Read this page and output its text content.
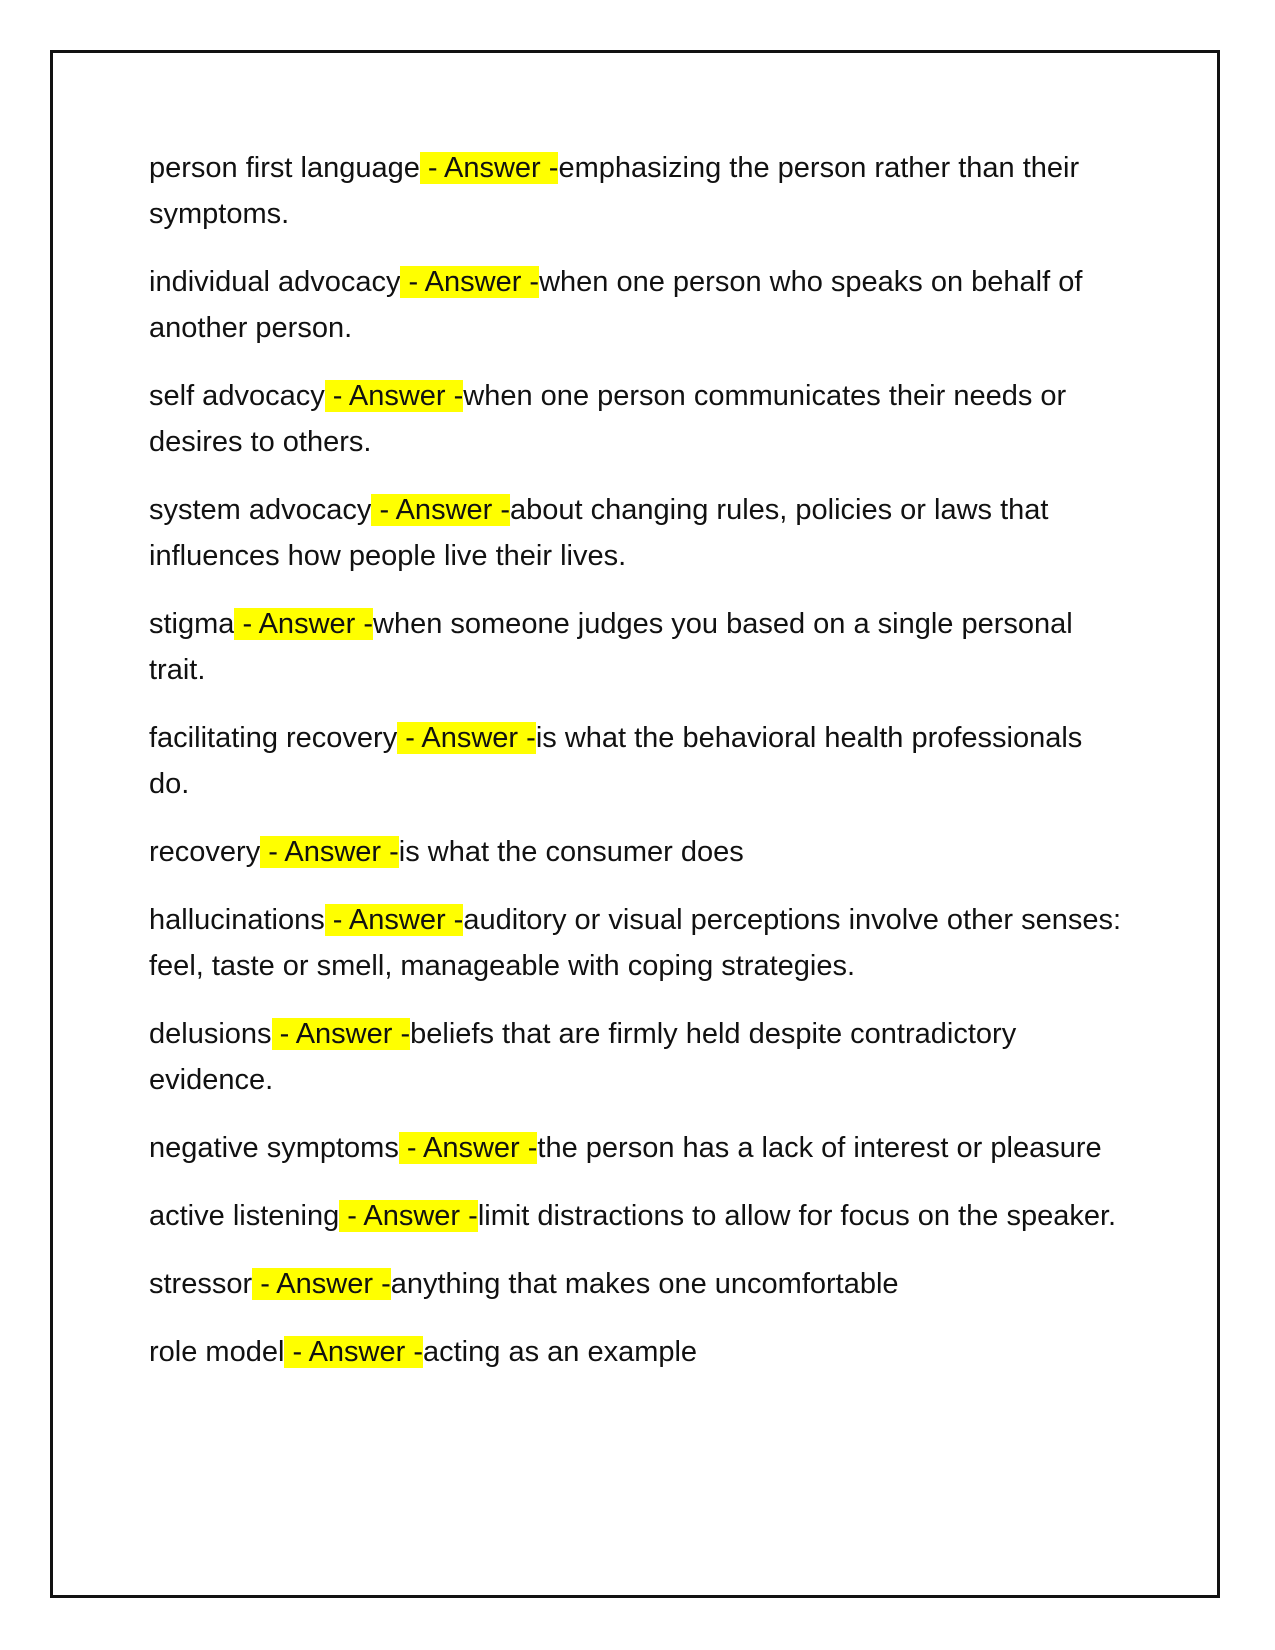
person first language - Answer -emphasizing the person rather than their symptoms.
individual advocacy - Answer -when one person who speaks on behalf of another person.
self advocacy - Answer -when one person communicates their needs or desires to others.
system advocacy - Answer -about changing rules, policies or laws that influences how people live their lives.
stigma - Answer -when someone judges you based on a single personal trait.
facilitating recovery - Answer -is what the behavioral health professionals do.
recovery - Answer -is what the consumer does
hallucinations - Answer -auditory or visual perceptions involve other senses: feel, taste or smell, manageable with coping strategies.
delusions - Answer -beliefs that are firmly held despite contradictory evidence.
negative symptoms - Answer -the person has a lack of interest or pleasure
active listening - Answer -limit distractions to allow for focus on the speaker.
stressor - Answer -anything that makes one uncomfortable
role model - Answer -acting as an example
